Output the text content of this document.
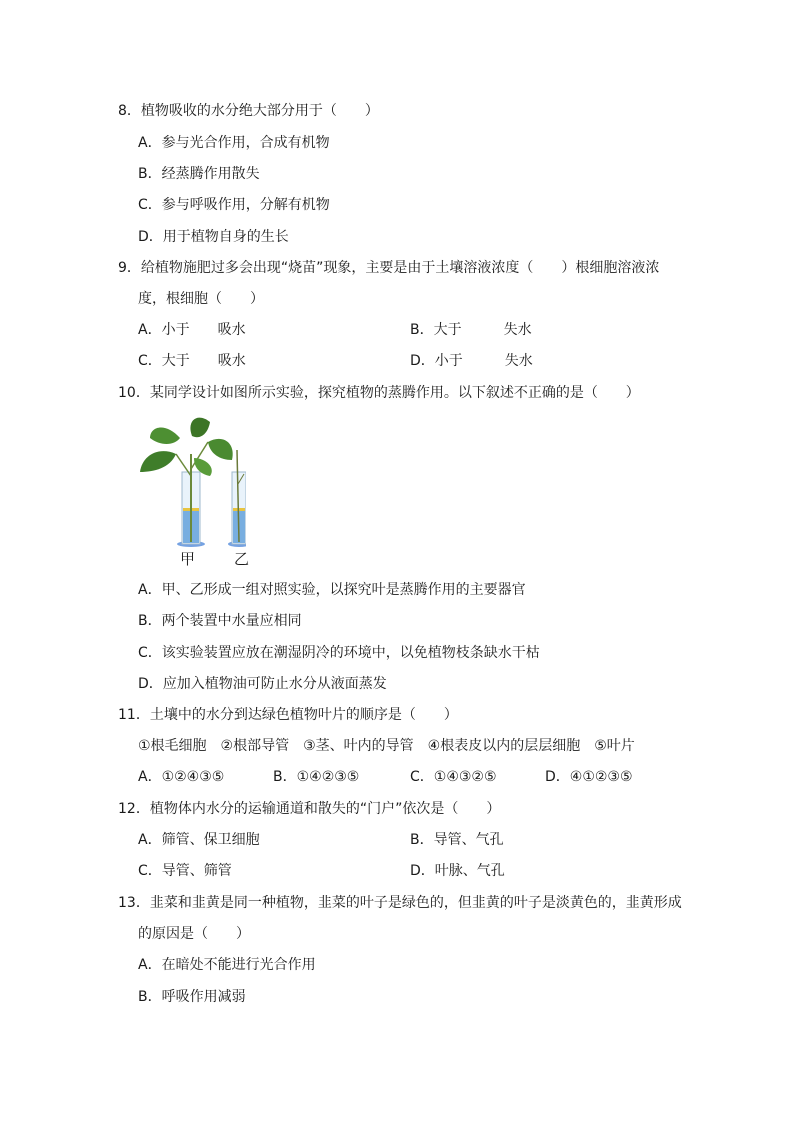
8．植物吸收的水分绝大部分用于（　　）
A．参与光合作用，合成有机物
B．经蒸腾作用散失
C．参与呼吸作用，分解有机物
D．用于植物自身的生长
9．给植物施肥过多会出现“烧苗”现象，主要是由于土壤溶液浓度（　　）根细胞溶液浓
度，根细胞（　　）
A．小于　　吸水	B．大于　　　失水
C．大于　　吸水	D．小于　　　失水
10．某同学设计如图所示实验，探究植物的蒸腾作用。以下叙述不正确的是（　　）
甲	乙
A．甲、乙形成一组对照实验，以探究叶是蒸腾作用的主要器官
B．两个装置中水量应相同
C．该实验装置应放在潮湿阴冷的环境中，以免植物枝条缺水干枯
D．应加入植物油可防止水分从液面蒸发
11．土壤中的水分到达绿色植物叶片的顺序是（　　）
①根毛细胞　②根部导管　③茎、叶内的导管　④根表皮以内的层层细胞　⑤叶片
A．①②④③⑤	B．①④②③⑤	C．①④③②⑤	D．④①②③⑤
12．植物体内水分的运输通道和散失的“门户”依次是（　　）
A．筛管、保卫细胞	B．导管、气孔
C．导管、筛管	D．叶脉、气孔
13．韭菜和韭黄是同一种植物，韭菜的叶子是绿色的，但韭黄的叶子是淡黄色的，韭黄形成
的原因是（　　）
A．在暗处不能进行光合作用
B．呼吸作用减弱
